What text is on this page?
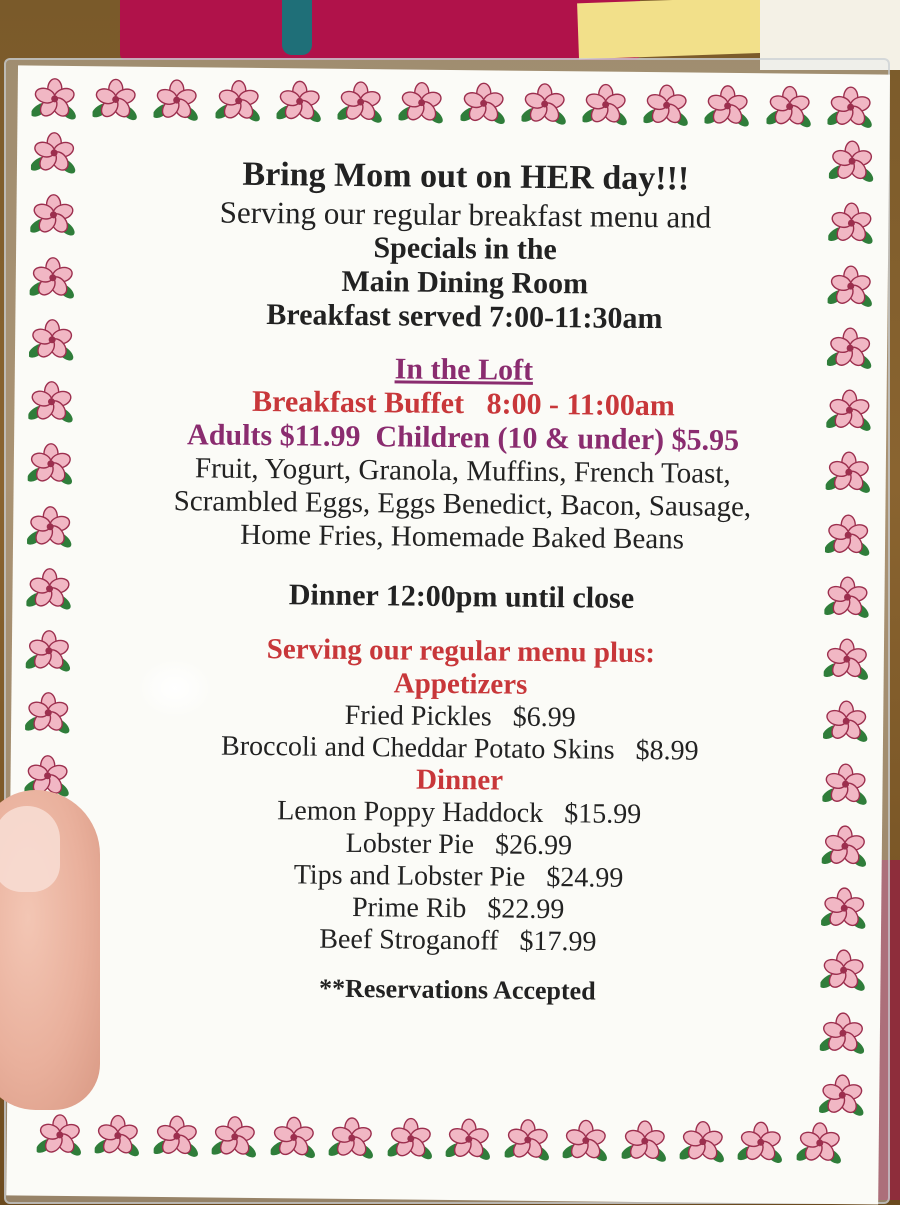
Bring Mom out on HER day!!!

Serving our regular breakfast menu and

Specials in the

Main Dining Room

Breakfast served 7:00-11:30am

In the Loft

Breakfast Buffet   8:00 - 11:00am

Adults $11.99  Children (10 & under) $5.95

Fruit, Yogurt, Granola, Muffins, French Toast,

Scrambled Eggs, Eggs Benedict, Bacon, Sausage,

Home Fries, Homemade Baked Beans

Dinner 12:00pm until close

Serving our regular menu plus:

Appetizers

Fried Pickles   $6.99

Broccoli and Cheddar Potato Skins   $8.99

Dinner

Lemon Poppy Haddock   $15.99

Lobster Pie   $26.99

Tips and Lobster Pie   $24.99

Prime Rib   $22.99

Beef Stroganoff   $17.99

**Reservations Accepted
